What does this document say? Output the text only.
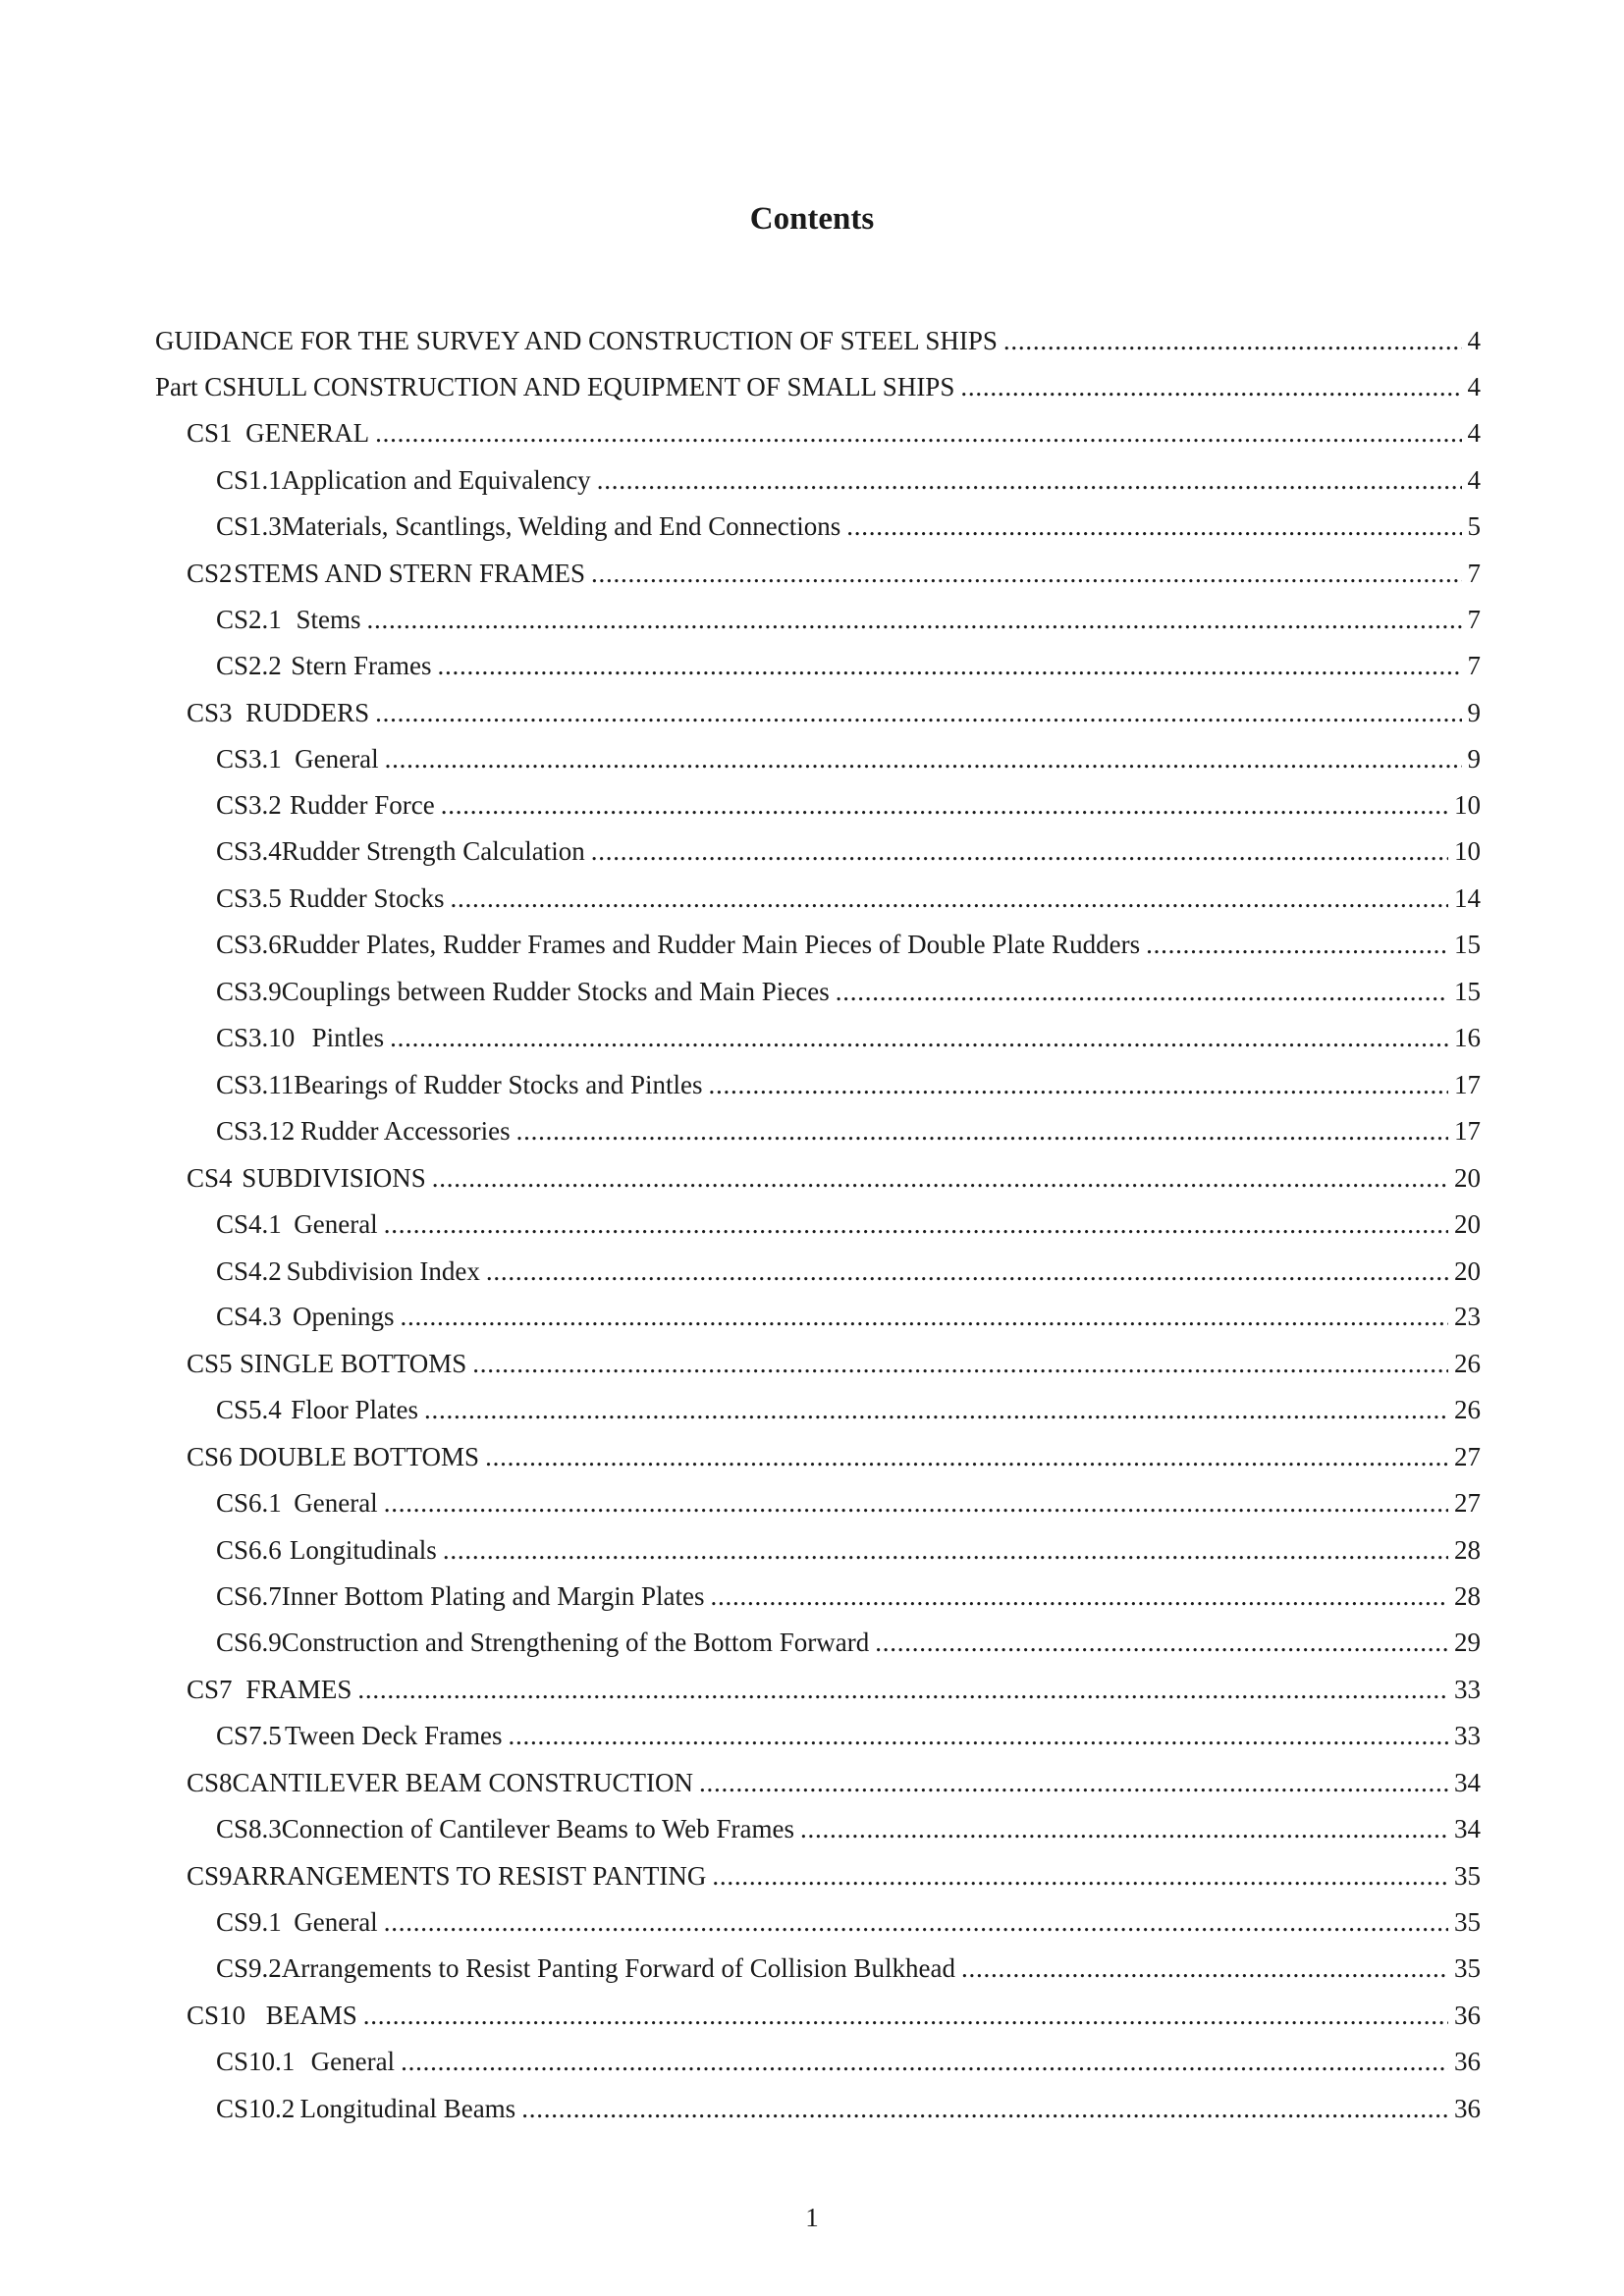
Contents
GUIDANCE FOR THE SURVEY AND CONSTRUCTION OF STEEL SHIPS . . .	4
Part CS HULL CONSTRUCTION AND EQUIPMENT OF SMALL SHIPS . . .	4
CS1 GENERAL . . .	4
CS1.1 Application and Equivalency . . .	4
CS1.3 Materials, Scantlings, Welding and End Connections . . .	5
CS2 STEMS AND STERN FRAMES . . .	7
CS2.1 Stems . . .	7
CS2.2 Stern Frames . . .	7
CS3 RUDDERS . . .	9
CS3.1 General . . .	9
CS3.2 Rudder Force . . .	10
CS3.4 Rudder Strength Calculation . . .	10
CS3.5 Rudder Stocks . . .	14
CS3.6 Rudder Plates, Rudder Frames and Rudder Main Pieces of Double Plate Rudders . . .	15
CS3.9 Couplings between Rudder Stocks and Main Pieces . . .	15
CS3.10 Pintles . . .	16
CS3.11 Bearings of Rudder Stocks and Pintles . . .	17
CS3.12 Rudder Accessories . . .	17
CS4 SUBDIVISIONS . . .	20
CS4.1 General . . .	20
CS4.2 Subdivision Index . . .	20
CS4.3 Openings . . .	23
CS5 SINGLE BOTTOMS . . .	26
CS5.4 Floor Plates . . .	26
CS6 DOUBLE BOTTOMS . . .	27
CS6.1 General . . .	27
CS6.6 Longitudinals . . .	28
CS6.7 Inner Bottom Plating and Margin Plates . . .	28
CS6.9 Construction and Strengthening of the Bottom Forward . . .	29
CS7 FRAMES . . .	33
CS7.5 Tween Deck Frames . . .	33
CS8 CANTILEVER BEAM CONSTRUCTION . . .	34
CS8.3 Connection of Cantilever Beams to Web Frames . . .	34
CS9 ARRANGEMENTS TO RESIST PANTING . . .	35
CS9.1 General . . .	35
CS9.2 Arrangements to Resist Panting Forward of Collision Bulkhead . . .	35
CS10 BEAMS . . .	36
CS10.1 General . . .	36
CS10.2 Longitudinal Beams . . .	36
1
